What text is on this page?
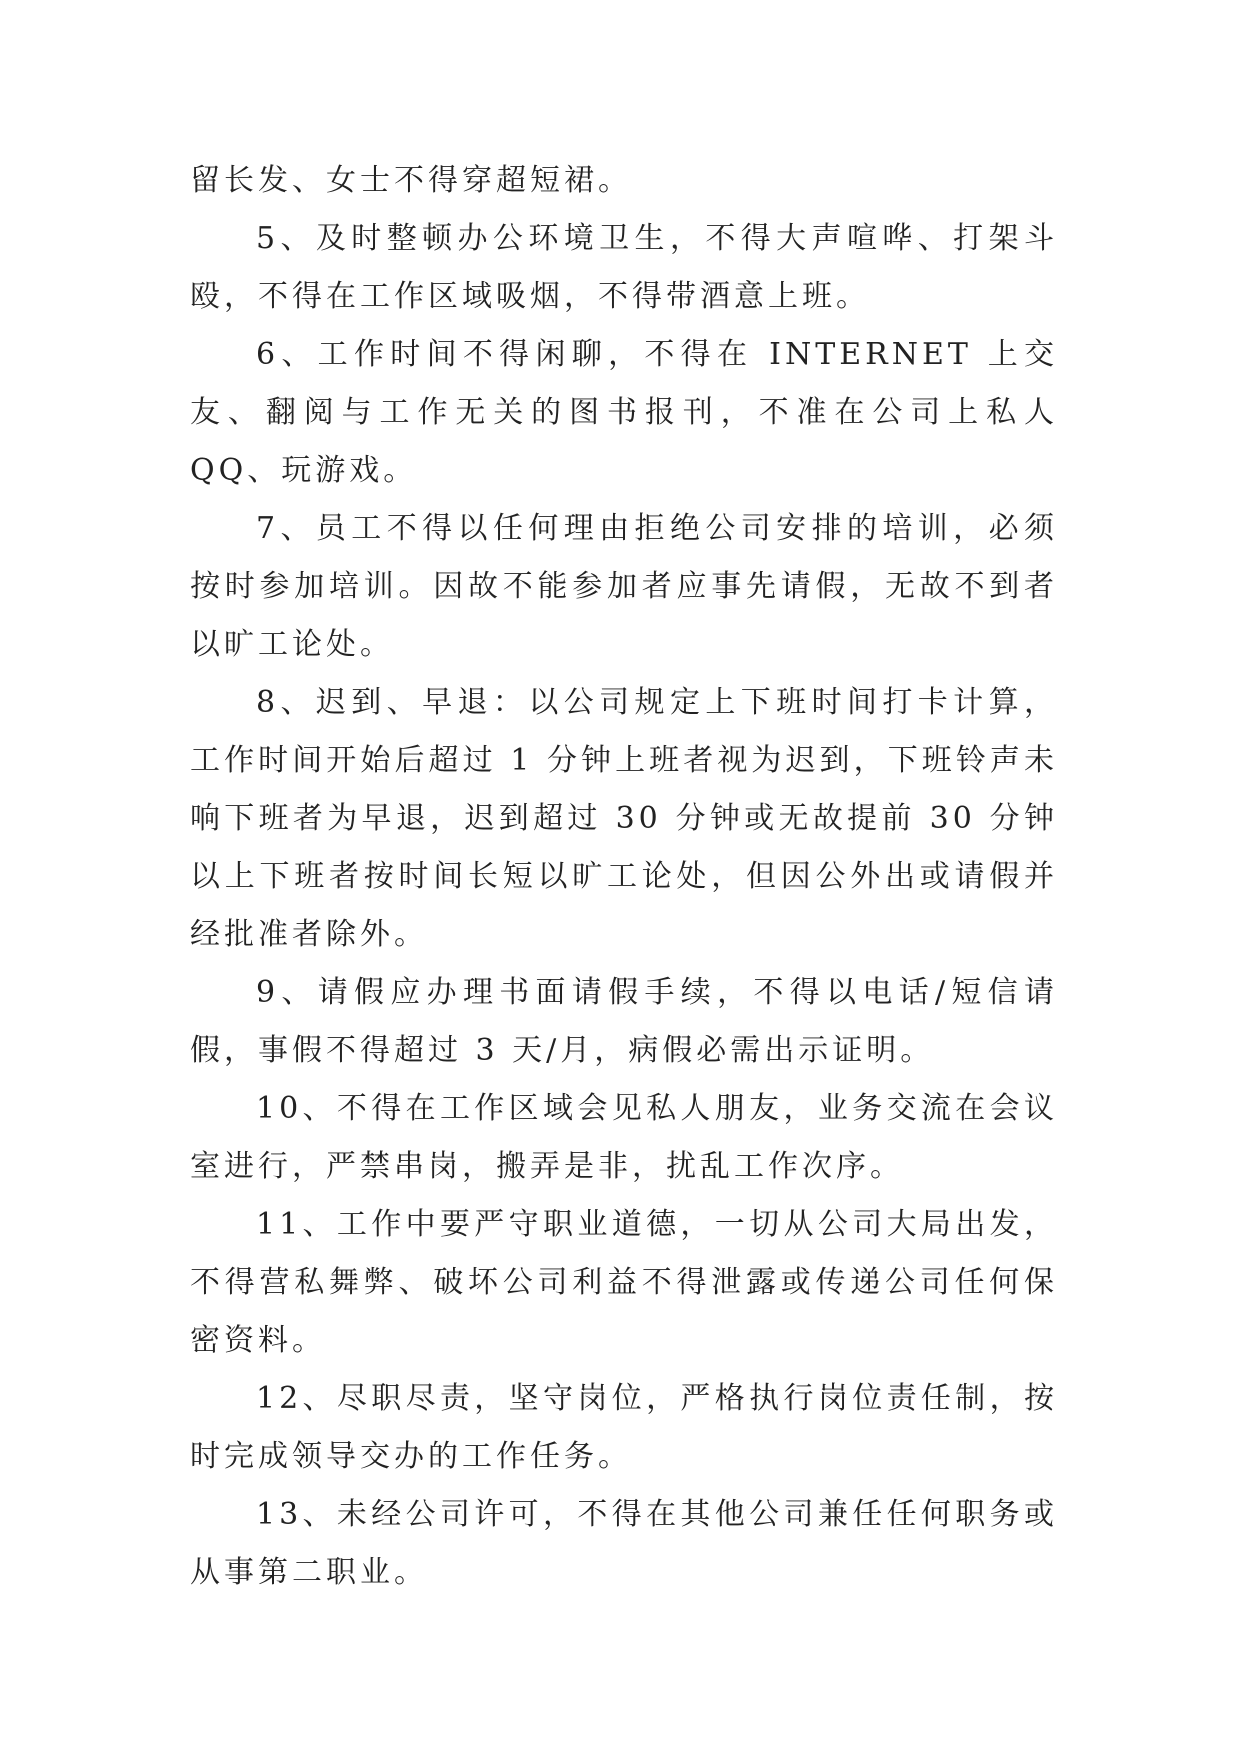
留长发、女士不得穿超短裙。

5、及时整顿办公环境卫生，不得大声喧哗、打架斗殴，不得在工作区域吸烟，不得带酒意上班。

6、工作时间不得闲聊，不得在 INTERNET 上交友、翻阅与工作无关的图书报刊，不准在公司上私人 QQ、玩游戏。

7、员工不得以任何理由拒绝公司安排的培训，必须按时参加培训。因故不能参加者应事先请假，无故不到者以旷工论处。

8、迟到、早退：以公司规定上下班时间打卡计算，工作时间开始后超过 1 分钟上班者视为迟到，下班铃声未响下班者为早退，迟到超过 30 分钟或无故提前 30 分钟以上下班者按时间长短以旷工论处，但因公外出或请假并经批准者除外。

9、请假应办理书面请假手续，不得以电话/短信请假，事假不得超过 3 天/月，病假必需出示证明。

10、不得在工作区域会见私人朋友，业务交流在会议室进行，严禁串岗，搬弄是非，扰乱工作次序。

11、工作中要严守职业道德，一切从公司大局出发，不得营私舞弊、破坏公司利益不得泄露或传递公司任何保密资料。

12、尽职尽责，坚守岗位，严格执行岗位责任制，按时完成领导交办的工作任务。

13、未经公司许可，不得在其他公司兼任任何职务或从事第二职业。
